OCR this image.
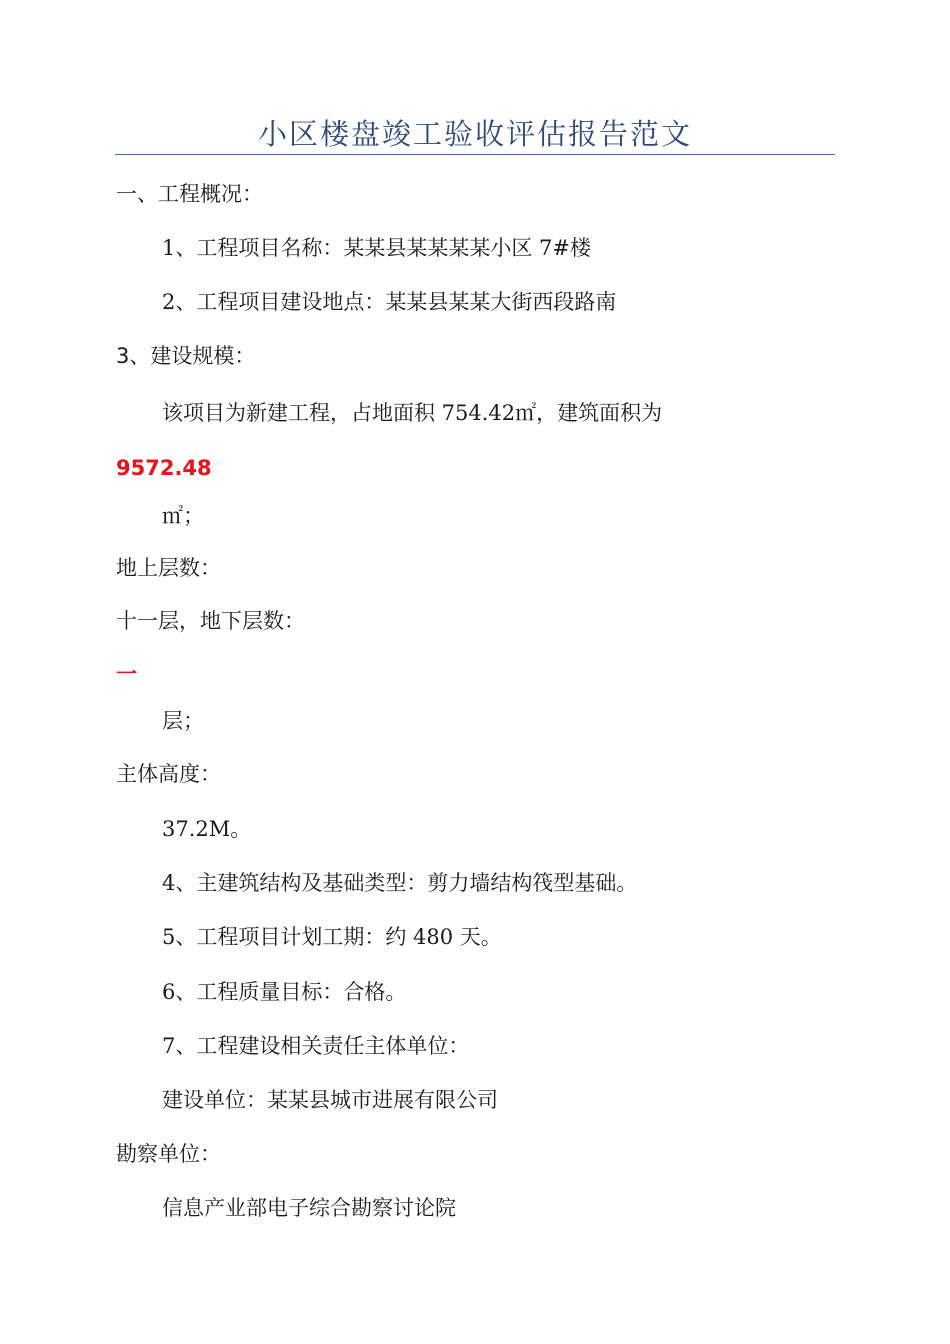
小区楼盘竣工验收评估报告范文
一、工程概况：
1、工程项目名称：某某县某某某某小区 7#楼
2、工程项目建设地点：某某县某某大街西段路南
3、建设规模：
该项目为新建工程，占地面积 754.42㎡，建筑面积为
9572.48
㎡；
地上层数：
十一层，地下层数：
一
层；
主体高度：
37.2M。
4、主建筑结构及基础类型：剪力墙结构筏型基础。
5、工程项目计划工期：约 480 天。
6、工程质量目标：合格。
7、工程建设相关责任主体单位：
建设单位：某某县城市进展有限公司
勘察单位：
信息产业部电子综合勘察讨论院
